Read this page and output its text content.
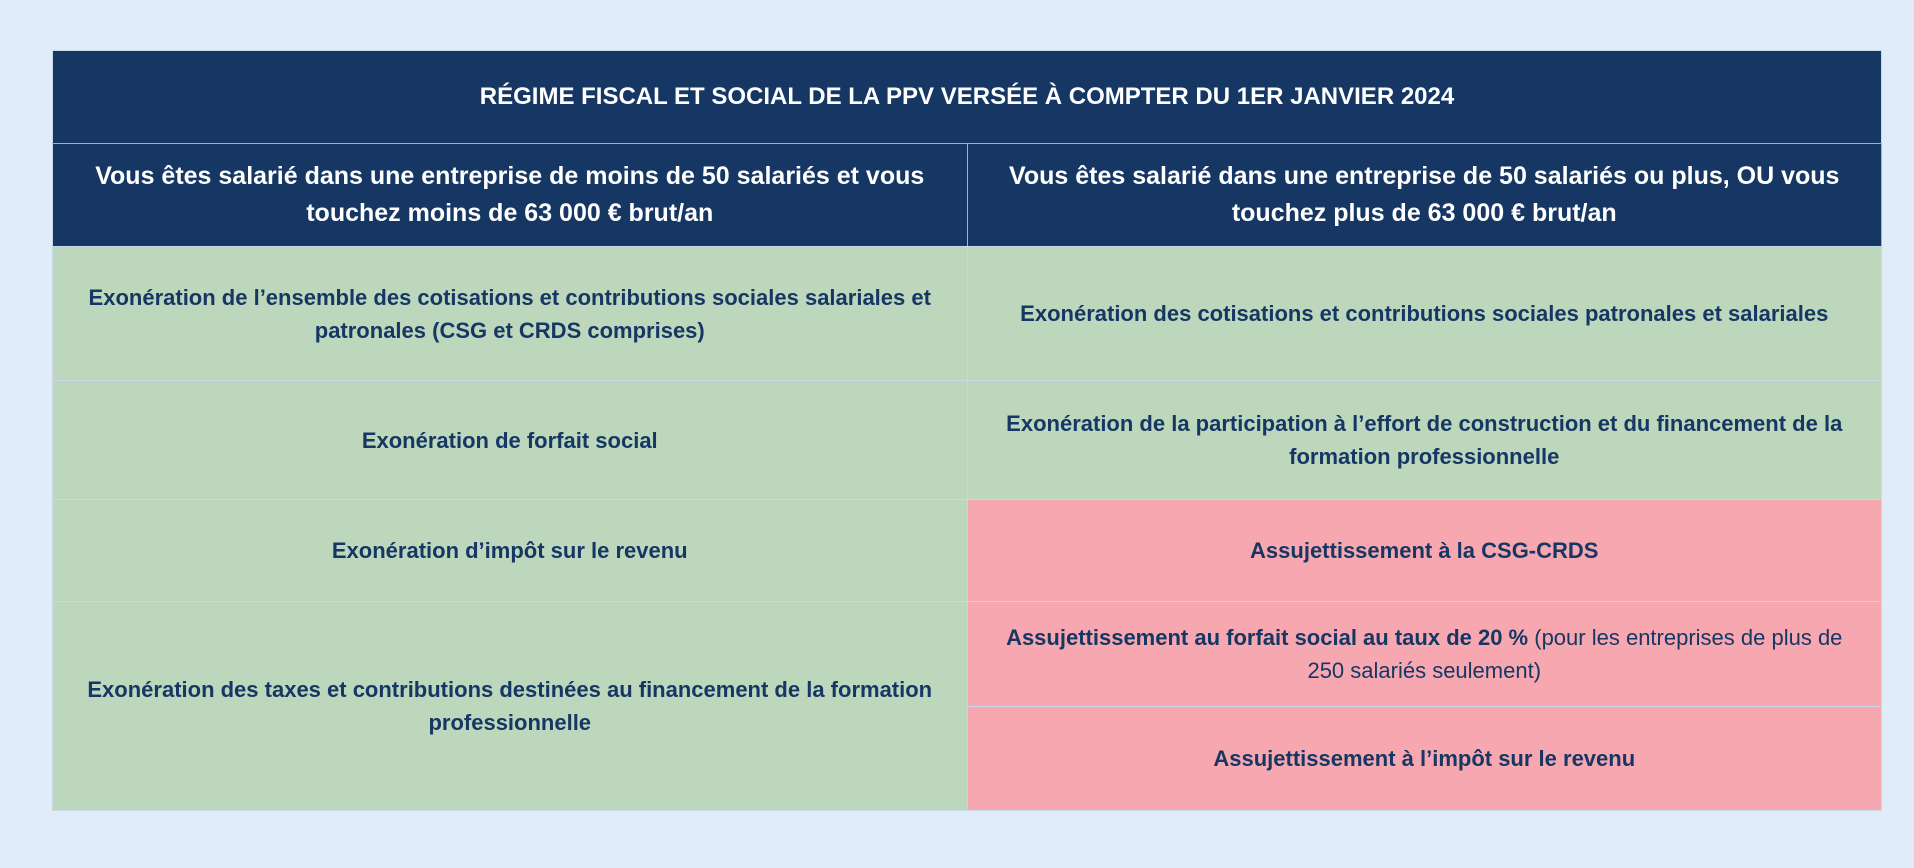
RÉGIME FISCAL ET SOCIAL DE LA PPV VERSÉE À COMPTER DU 1ER JANVIER 2024	
Vous êtes salarié dans une entreprise de moins de 50 salariés et vous touchez moins de 63 000 € brut/an	Vous êtes salarié dans une entreprise de 50 salariés ou plus, OU vous touchez plus de 63 000 € brut/an
Exonération de l’ensemble des cotisations et contributions sociales salariales et patronales (CSG et CRDS comprises)	Exonération des cotisations et contributions sociales patronales et salariales
Exonération de forfait social	Exonération de la participation à l’effort de construction et du financement de la formation professionnelle
Exonération d’impôt sur le revenu	Assujettissement à la CSG-CRDS
Exonération des taxes et contributions destinées au financement de la formation professionnelle	Assujettissement au forfait social au taux de 20 % (pour les entreprises de plus de 250 salariés seulement)
	Assujettissement à l’impôt sur le revenu
